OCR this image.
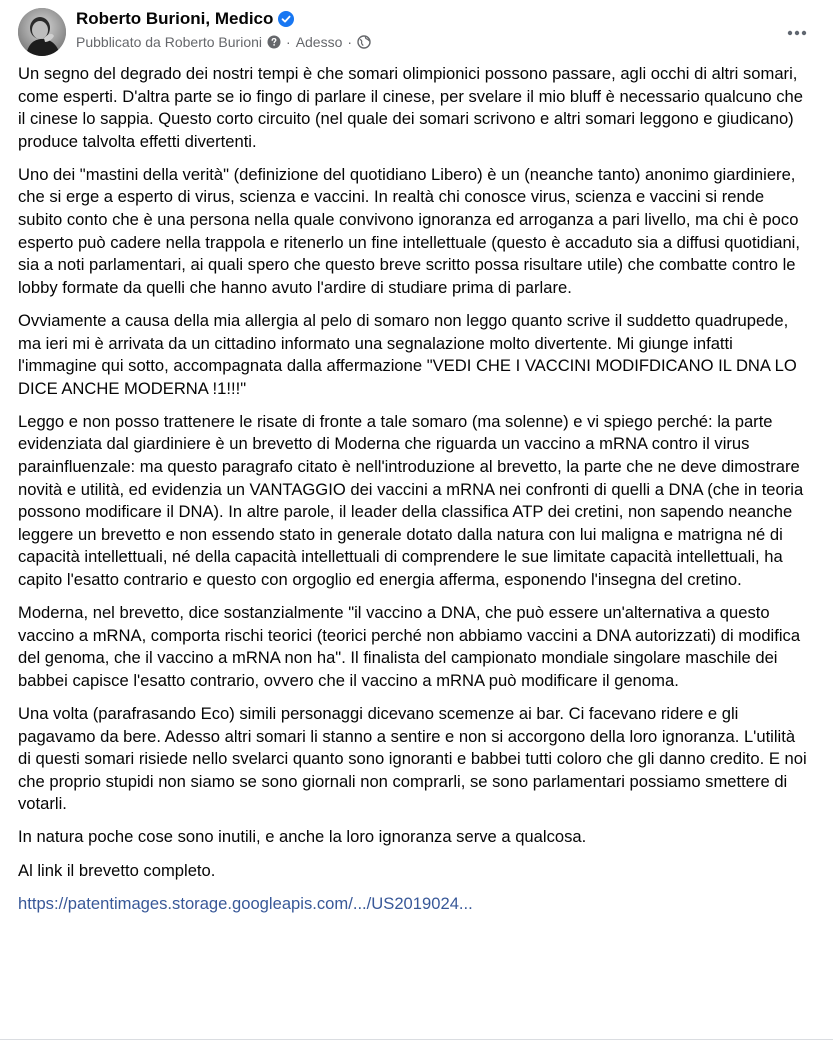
Roberto Burioni, Medico
Pubblicato da Roberto Burioni · Adesso ·

Un segno del degrado dei nostri tempi è che somari olimpionici possono passare, agli occhi di altri somari, come esperti. D'altra parte se io fingo di parlare il cinese, per svelare il mio bluff è necessario qualcuno che il cinese lo sappia. Questo corto circuito (nel quale dei somari scrivono e altri somari leggono e giudicano) produce talvolta effetti divertenti.

Uno dei "mastini della verità" (definizione del quotidiano Libero) è un (neanche tanto) anonimo giardiniere, che si erge a esperto di virus, scienza e vaccini. In realtà chi conosce virus, scienza e vaccini si rende subito conto che è una persona nella quale convivono ignoranza ed arroganza a pari livello, ma chi è poco esperto può cadere nella trappola e ritenerlo un fine intellettuale (questo è accaduto sia a diffusi quotidiani, sia a noti parlamentari, ai quali spero che questo breve scritto possa risultare utile) che combatte contro le lobby formate da quelli che hanno avuto l'ardire di studiare prima di parlare.

Ovviamente a causa della mia allergia al pelo di somaro non leggo quanto scrive il suddetto quadrupede, ma ieri mi è arrivata da un cittadino informato una segnalazione molto divertente. Mi giunge infatti l'immagine qui sotto, accompagnata dalla affermazione "VEDI CHE I VACCINI MODIFDICANO IL DNA LO DICE ANCHE MODERNA !1!!!"

Leggo e non posso trattenere le risate di fronte a tale somaro (ma solenne) e vi spiego perché: la parte evidenziata dal giardiniere è un brevetto di Moderna che riguarda un vaccino a mRNA contro il virus parainfluenzale: ma questo paragrafo citato è nell'introduzione al brevetto, la parte che ne deve dimostrare novità e utilità, ed evidenzia un VANTAGGIO dei vaccini a mRNA nei confronti di quelli a DNA (che in teoria possono modificare il DNA). In altre parole, il leader della classifica ATP dei cretini, non sapendo neanche leggere un brevetto e non essendo stato in generale dotato dalla natura con lui maligna e matrigna né di capacità intellettuali, né della capacità intellettuali di comprendere le sue limitate capacità intellettuali, ha capito l'esatto contrario e questo con orgoglio ed energia afferma, esponendo l'insegna del cretino.

Moderna, nel brevetto, dice sostanzialmente "il vaccino a DNA, che può essere un'alternativa a questo vaccino a mRNA, comporta rischi teorici (teorici perché non abbiamo vaccini a DNA autorizzati) di modifica del genoma, che il vaccino a mRNA non ha". Il finalista del campionato mondiale singolare maschile dei babbei capisce l'esatto contrario, ovvero che il vaccino a mRNA può modificare il genoma.

Una volta (parafrasando Eco) simili personaggi dicevano scemenze ai bar. Ci facevano ridere e gli pagavamo da bere. Adesso altri somari li stanno a sentire e non si accorgono della loro ignoranza. L'utilità di questi somari risiede nello svelarci quanto sono ignoranti e babbei tutti coloro che gli danno credito. E noi che proprio stupidi non siamo se sono giornali non comprarli, se sono parlamentari possiamo smettere di votarli.

In natura poche cose sono inutili, e anche la loro ignoranza serve a qualcosa.

Al link il brevetto completo.

https://patentimages.storage.googleapis.com/.../US2019024...
